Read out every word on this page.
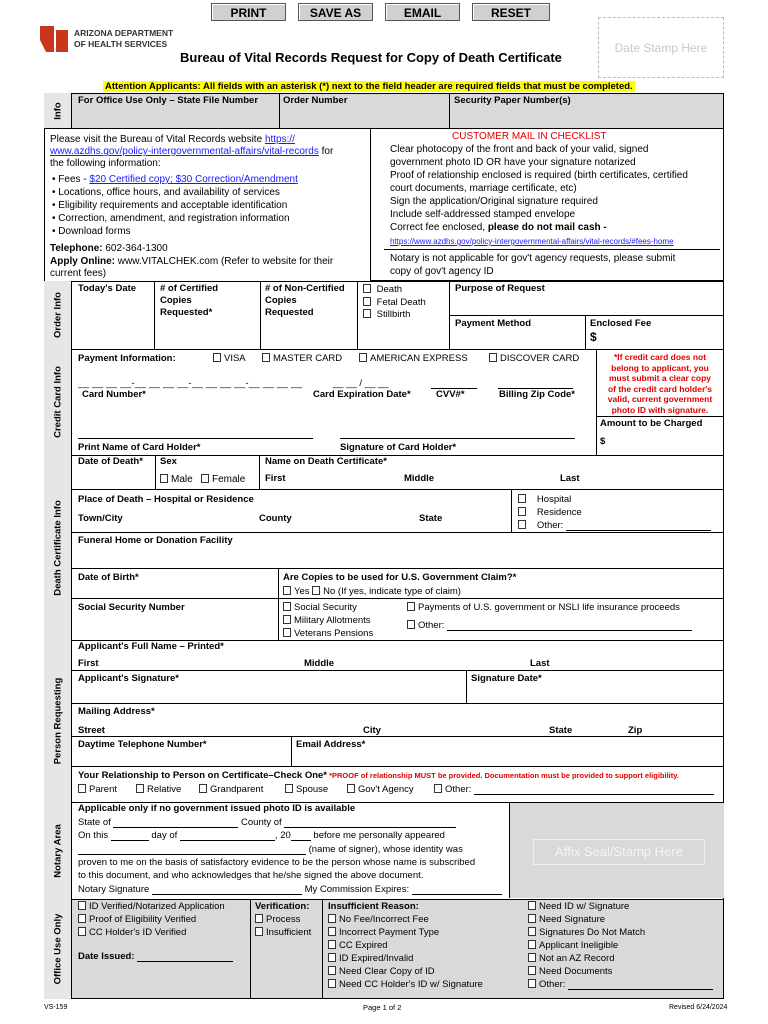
PRINT	SAVE AS	EMAIL	RESET
ARIZONA DEPARTMENT
OF HEALTH SERVICES
Bureau of Vital Records Request for Copy of Death Certificate
Date Stamp Here
Attention Applicants: All fields with an asterisk (*) next to the field header are required fields that must be completed.
Info
For Office Use Only – State File Number	Order Number	Security Paper Number(s)
Please visit the Bureau of Vital Records website https://
www.azdhs.gov/policy-intergovernmental-affairs/vital-records for
the following information:
• Fees - $20 Certified copy; $30 Correction/Amendment
• Locations, office hours, and availability of services
• Eligibility requirements and acceptable identification
• Correction, amendment, and registration information
• Download forms
Telephone: 602-364-1300
Apply Online: www.VITALCHEK.com (Refer to website for their
current fees)
CUSTOMER MAIL IN CHECKLIST
Clear photocopy of the front and back of your valid, signed
government photo ID OR have your signature notarized
Proof of relationship enclosed is required (birth certificates, certified
court documents, marriage certificate, etc)
Sign the application/Original signature required
Include self-addressed stamped envelope
Correct fee enclosed, please do not mail cash -
https://www.azdhs.gov/policy-intergovernmental-affairs/vital-records/#fees-home
Notary is not applicable for gov't agency requests, please submit
copy of gov't agency ID
Order Info
Today's Date	# of Certified
Copies
Requested*
# of Non-Certified
Copies
Requested
Death
Fetal Death
Stillbirth
Purpose of Request
Payment Method	Enclosed Fee
$
Credit Card Info
Payment Information:	VISA	MASTER CARD	AMERICAN EXPRESS	DISCOVER CARD
__ __ __ __-__ __ __ __-__ __ __ __-__ __ __ __	__ __ / __ __
Card Number*	Card Expiration Date*	CVV#*	Billing Zip Code*
*If credit card does not
belong to applicant, you
must submit a clear copy
of the credit card holder's
valid, current government
photo ID with signature.
Amount to be Charged
$
Print Name of Card Holder*	Signature of Card Holder*
Death Certificate Info
Date of Death* Sex
Male	Female
Name on Death Certificate*
First	Middle	Last
Place of Death – Hospital or Residence
Town/City	County	State
Hospital
Residence
Other:
Funeral Home or Donation Facility
Date of Birth*	Are Copies to be used for U.S. Government Claim?*
Yes No (If yes, indicate type of claim)
Social Security Number	Social Security
Military Allotments
Veterans Pensions
Payments of U.S. government or NSLI life insurance proceeds
Other:
Person Requesting
Applicant's Full Name – Printed*
First	Middle	Last
Applicant's Signature*	Signature Date*
Mailing Address*
Street	City	State	Zip
Daytime Telephone Number*	Email Address*
Your Relationship to Person on Certificate–Check One* *PROOF of relationship MUST be provided. Documentation must be provided to support eligibility.
Parent	Relative	Grandparent	Spouse	Gov't Agency	Other:
Notary Area
Applicable only if no government issued photo ID is available
State of	County of
On this	day of	, 20 before me personally appeared
(name of signer), whose identity was
proven to me on the basis of satisfactory evidence to be the person whose name is subscribed
to this document, and who acknowledges that he/she signed the above document.
Notary Signature	My Commission Expires:
Affix Seal/Stamp Here
Office Use Only
ID Verified/Notarized Application
Proof of Eligibility Verified
CC Holder's ID Verified
Date Issued:
Verification:
Process
Insufficient
Insufficient Reason:
No Fee/Incorrect Fee
Incorrect Payment Type
CC Expired
ID Expired/Invalid
Need Clear Copy of ID
Need CC Holder's ID w/ Signature
Need ID w/ Signature
Need Signature
Signatures Do Not Match
Applicant Ineligible
Not an AZ Record
Need Documents
Other:
VS-159	Page 1 of 2	Revised 6/24/2024
